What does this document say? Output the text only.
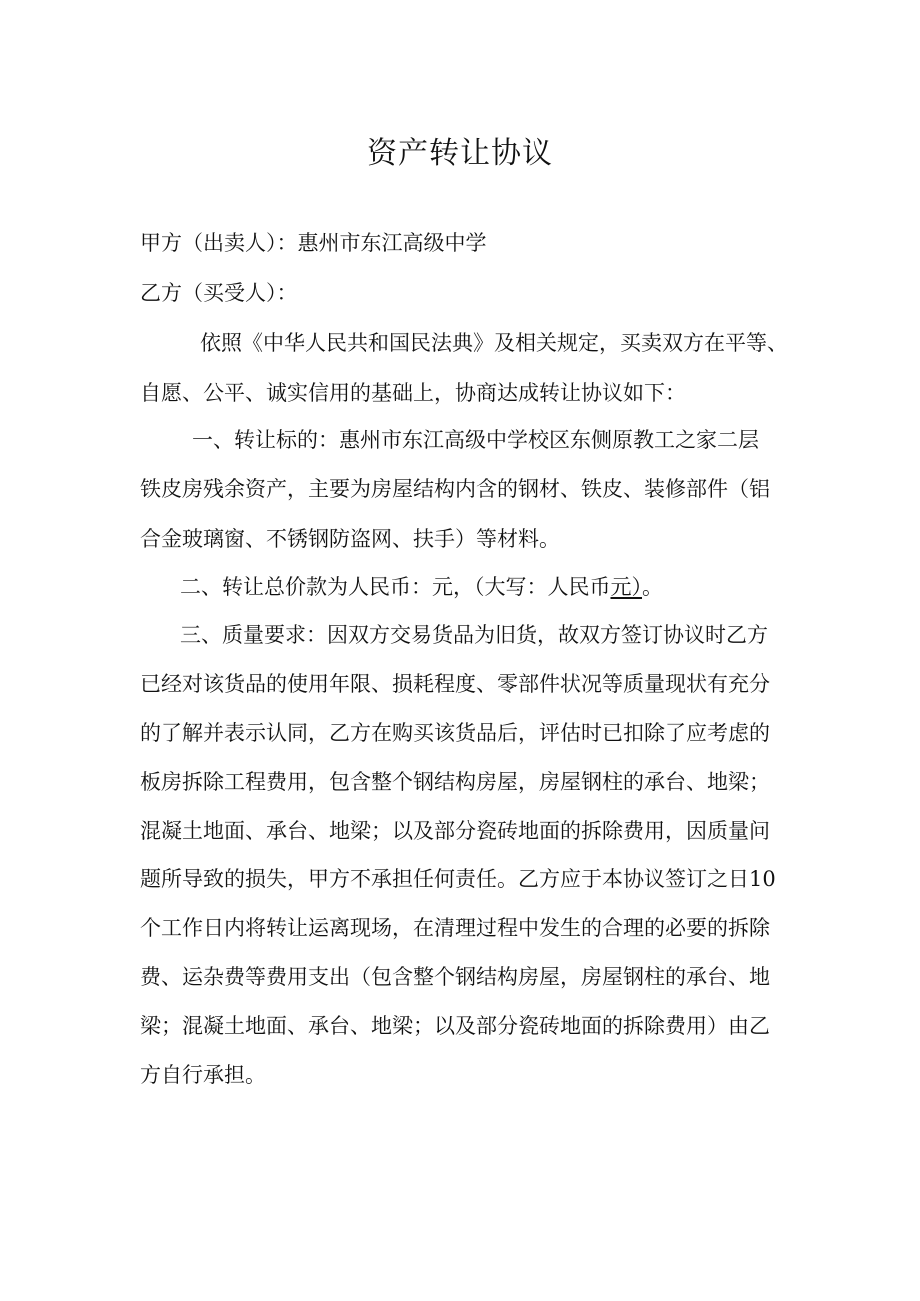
资产转让协议
甲方（出卖人）：惠州市东江高级中学
乙方（买受人）：
依照《中华人民共和国民法典》及相关规定，买卖双方在平等、
自愿、公平、诚实信用的基础上，协商达成转让协议如下：
一、转让标的：惠州市东江高级中学校区东侧原教工之家二层
铁皮房残余资产，主要为房屋结构内含的钢材、铁皮、装修部件（铝
合金玻璃窗、不锈钢防盗网、扶手）等材料。
二、转让总价款为人民币：元，（大写：人民币元）。
三、质量要求：因双方交易货品为旧货，故双方签订协议时乙方
已经对该货品的使用年限、损耗程度、零部件状况等质量现状有充分
的了解并表示认同，乙方在购买该货品后，评估时已扣除了应考虑的
板房拆除工程费用，包含整个钢结构房屋，房屋钢柱的承台、地梁；
混凝土地面、承台、地梁；以及部分瓷砖地面的拆除费用，因质量问
题所导致的损失，甲方不承担任何责任。乙方应于本协议签订之日10
个工作日内将转让运离现场，在清理过程中发生的合理的必要的拆除
费、运杂费等费用支出（包含整个钢结构房屋，房屋钢柱的承台、地
梁；混凝土地面、承台、地梁；以及部分瓷砖地面的拆除费用）由乙
方自行承担。
